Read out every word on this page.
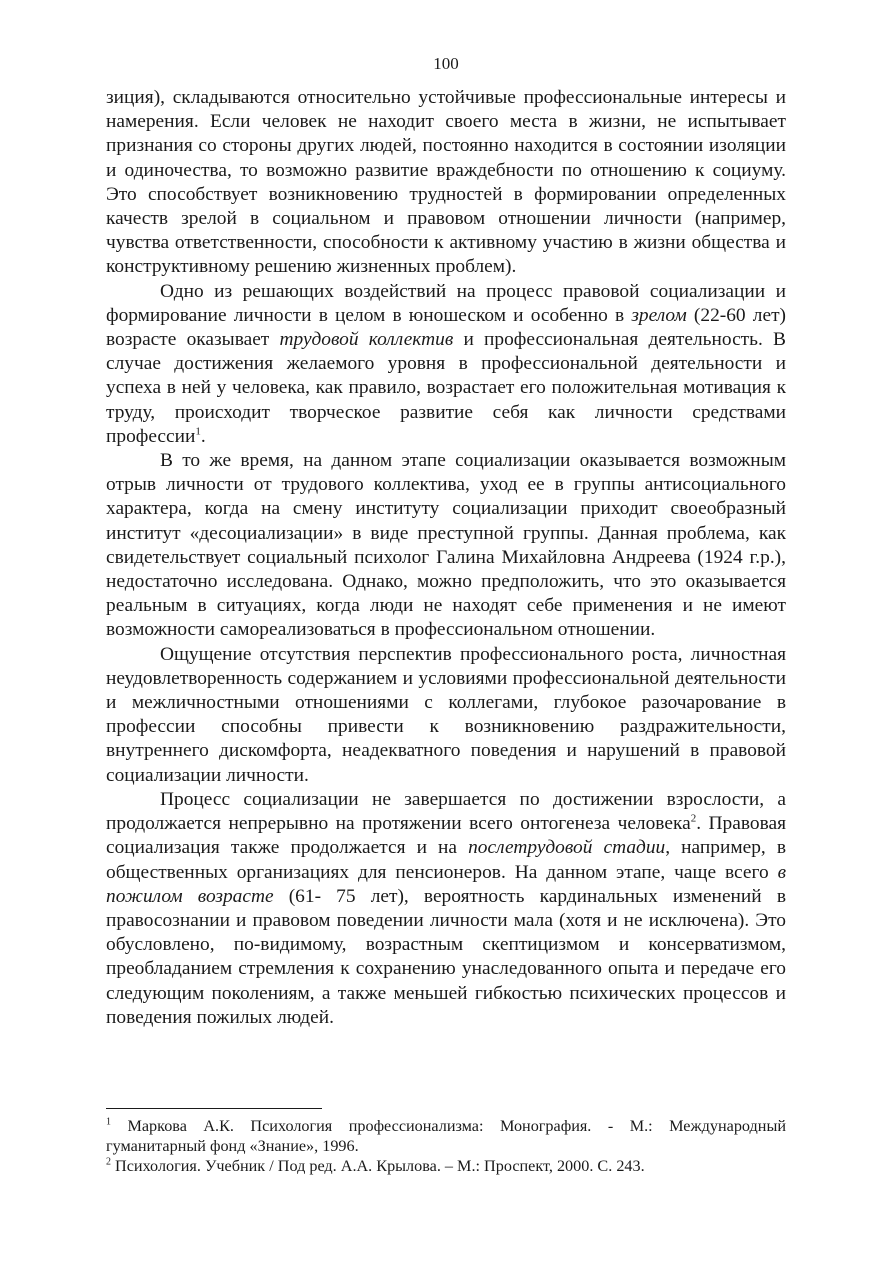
100

зиция), складываются относительно устойчивые профессиональные интересы и намерения. Если человек не находит своего места в жизни, не испытывает признания со стороны других людей, постоянно находится в состоянии изоляции и одиночества, то возможно развитие враждебности по отношению к социуму. Это способствует возникновению трудностей в формировании определенных качеств зрелой в социальном и правовом отношении личности (например, чувства ответственности, способности к активному участию в жизни общества и конструктивному решению жизненных проблем).

Одно из решающих воздействий на процесс правовой социализации и формирование личности в целом в юношеском и особенно в зрелом (22-60 лет) возрасте оказывает трудовой коллектив и профессиональная деятельность. В случае достижения желаемого уровня в профессиональной деятельности и успеха в ней у человека, как правило, возрастает его положительная мотивация к труду, происходит творческое развитие себя как личности средствами профессии$^1$.

В то же время, на данном этапе социализации оказывается возможным отрыв личности от трудового коллектива, уход ее в группы антисоциального характера, когда на смену институту социализации приходит своеобразный институт «десоциализации» в виде преступной группы. Данная проблема, как свидетельствует социальный психолог Галина Михайловна Андреева (1924 г.р.), недостаточно исследована. Однако, можно предположить, что это оказывается реальным в ситуациях, когда люди не находят себе применения и не имеют возможности самореализоваться в профессиональном отношении.

Ощущение отсутствия перспектив профессионального роста, личностная неудовлетворенность содержанием и условиями профессиональной деятельности и межличностными отношениями с коллегами, глубокое разочарование в профессии способны привести к возникновению раздражительности, внутреннего дискомфорта, неадекватного поведения и нарушений в правовой социализации личности.

Процесс социализации не завершается по достижении взрослости, а продолжается непрерывно на протяжении всего онтогенеза человека$^2$. Правовая социализация также продолжается и на послетрудовой стадии, например, в общественных организациях для пенсионеров. На данном этапе, чаще всего в пожилом возрасте (61- 75 лет), вероятность кардинальных изменений в правосознании и правовом поведении личности мала (хотя и не исключена). Это обусловлено, по-видимому, возрастным скептицизмом и консерватизмом, преобладанием стремления к сохранению унаследованного опыта и передаче его следующим поколениям, а также меньшей гибкостью психических процессов и поведения пожилых людей.

$^1$ Маркова А.К. Психология профессионализма: Монография. - М.: Международный гуманитарный фонд «Знание», 1996.

$^2$ Психология. Учебник / Под ред. А.А. Крылова. – М.: Проспект, 2000. С. 243.
